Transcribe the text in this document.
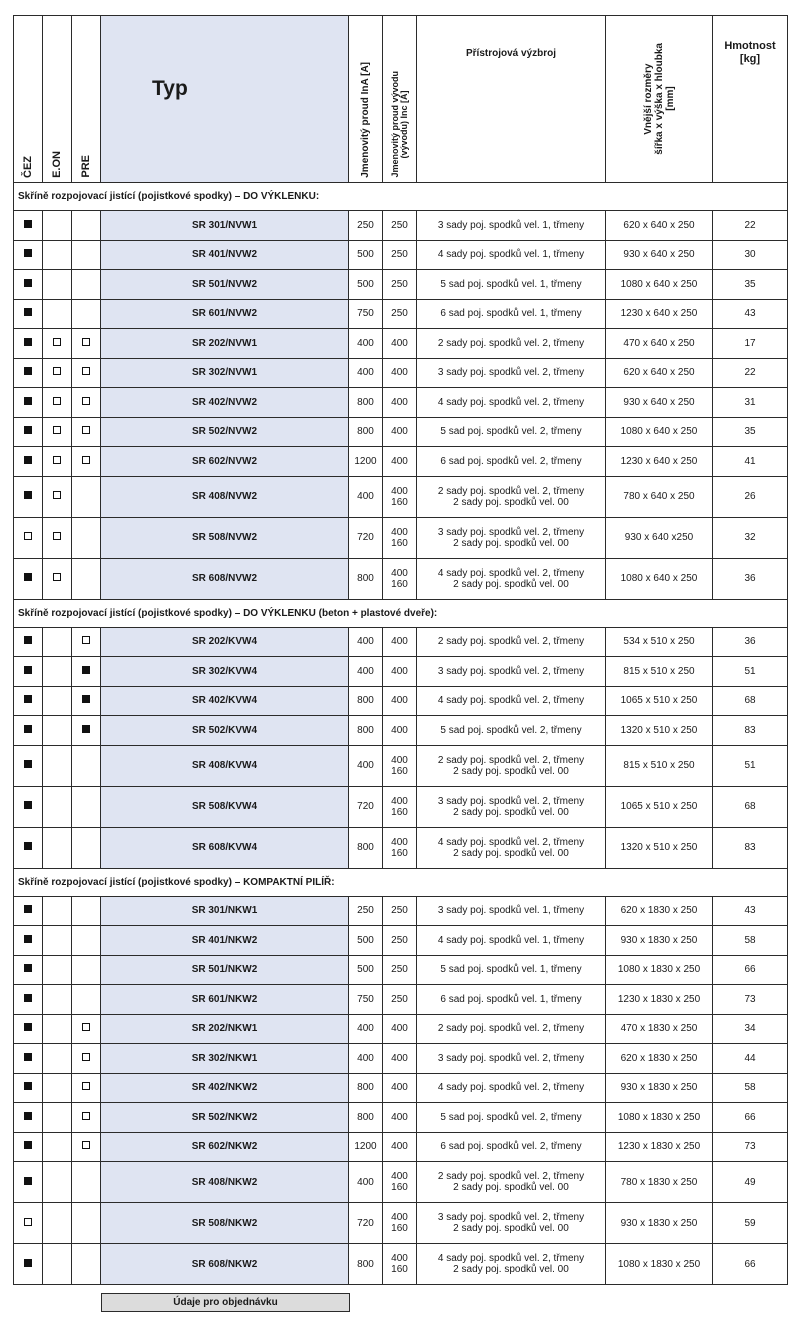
ČEZ	E.ON	PRE	Typ	Jmenovitý proud InA [A]	Jmenovitý proud vývodu
(vývodu) Inc [A]	Přístrojová výzbroj	Vnější rozměry
šířka x výška x hloubka
[mm]	Hmotnost
[kg]

Skříně rozpojovací jistící (pojistkové spodky) – DO VÝKLENKU:								
			SR 301/NVW1	250	250	3 sady poj. spodků vel. 1, třmeny	620 x 640 x 250	22
			SR 401/NVW2	500	250	4 sady poj. spodků vel. 1, třmeny	930 x 640 x 250	30
			SR 501/NVW2	500	250	5 sad poj. spodků vel. 1, třmeny	1080 x 640 x 250	35
			SR 601/NVW2	750	250	6 sad poj. spodků vel. 1, třmeny	1230 x 640 x 250	43
			SR 202/NVW1	400	400	2 sady poj. spodků vel. 2, třmeny	470 x 640 x 250	17
			SR 302/NVW1	400	400	3 sady poj. spodků vel. 2, třmeny	620 x 640 x 250	22
			SR 402/NVW2	800	400	4 sady poj. spodků vel. 2, třmeny	930 x 640 x 250	31
			SR 502/NVW2	800	400	5 sad poj. spodků vel. 2, třmeny	1080 x 640 x 250	35
			SR 602/NVW2	1200	400	6 sad poj. spodků vel. 2, třmeny	1230 x 640 x 250	41
			SR 408/NVW2	400	400
160	2 sady poj. spodků vel. 2, třmeny
2 sady poj. spodků vel. 00	780 x 640 x 250	26
			SR 508/NVW2	720	400
160	3 sady poj. spodků vel. 2, třmeny
2 sady poj. spodků vel. 00	930 x 640 x250	32
			SR 608/NVW2	800	400
160	4 sady poj. spodků vel. 2, třmeny
2 sady poj. spodků vel. 00	1080 x 640 x 250	36
Skříně rozpojovací jistící (pojistkové spodky) – DO VÝKLENKU (beton + plastové dveře):								
			SR 202/KVW4	400	400	2 sady poj. spodků vel. 2, třmeny	534 x 510 x 250	36
			SR 302/KVW4	400	400	3 sady poj. spodků vel. 2, třmeny	815 x 510 x 250	51
			SR 402/KVW4	800	400	4 sady poj. spodků vel. 2, třmeny	1065 x 510 x 250	68
			SR 502/KVW4	800	400	5 sad poj. spodků vel. 2, třmeny	1320 x 510 x 250	83
			SR 408/KVW4	400	400
160	2 sady poj. spodků vel. 2, třmeny
2 sady poj. spodků vel. 00	815 x 510 x 250	51
			SR 508/KVW4	720	400
160	3 sady poj. spodků vel. 2, třmeny
2 sady poj. spodků vel. 00	1065 x 510 x 250	68
			SR 608/KVW4	800	400
160	4 sady poj. spodků vel. 2, třmeny
2 sady poj. spodků vel. 00	1320 x 510 x 250	83
Skříně rozpojovací jistící (pojistkové spodky) – KOMPAKTNÍ PILÍŘ:								
			SR 301/NKW1	250	250	3 sady poj. spodků vel. 1, třmeny	620 x 1830 x 250	43
			SR 401/NKW2	500	250	4 sady poj. spodků vel. 1, třmeny	930 x 1830 x 250	58
			SR 501/NKW2	500	250	5 sad poj. spodků vel. 1, třmeny	1080 x 1830 x 250	66
			SR 601/NKW2	750	250	6 sad poj. spodků vel. 1, třmeny	1230 x 1830 x 250	73
			SR 202/NKW1	400	400	2 sady poj. spodků vel. 2, třmeny	470 x 1830 x 250	34
			SR 302/NKW1	400	400	3 sady poj. spodků vel. 2, třmeny	620 x 1830 x 250	44
			SR 402/NKW2	800	400	4 sady poj. spodků vel. 2, třmeny	930 x 1830 x 250	58
			SR 502/NKW2	800	400	5 sad poj. spodků vel. 2, třmeny	1080 x 1830 x 250	66
			SR 602/NKW2	1200	400	6 sad poj. spodků vel. 2, třmeny	1230 x 1830 x 250	73
			SR 408/NKW2	400	400
160	2 sady poj. spodků vel. 2, třmeny
2 sady poj. spodků vel. 00	780 x 1830 x 250	49
			SR 508/NKW2	720	400
160	3 sady poj. spodků vel. 2, třmeny
2 sady poj. spodků vel. 00	930 x 1830 x 250	59
			SR 608/NKW2	800	400
160	4 sady poj. spodků vel. 2, třmeny
2 sady poj. spodků vel. 00	1080 x 1830 x 250	66
Údaje pro objednávku
